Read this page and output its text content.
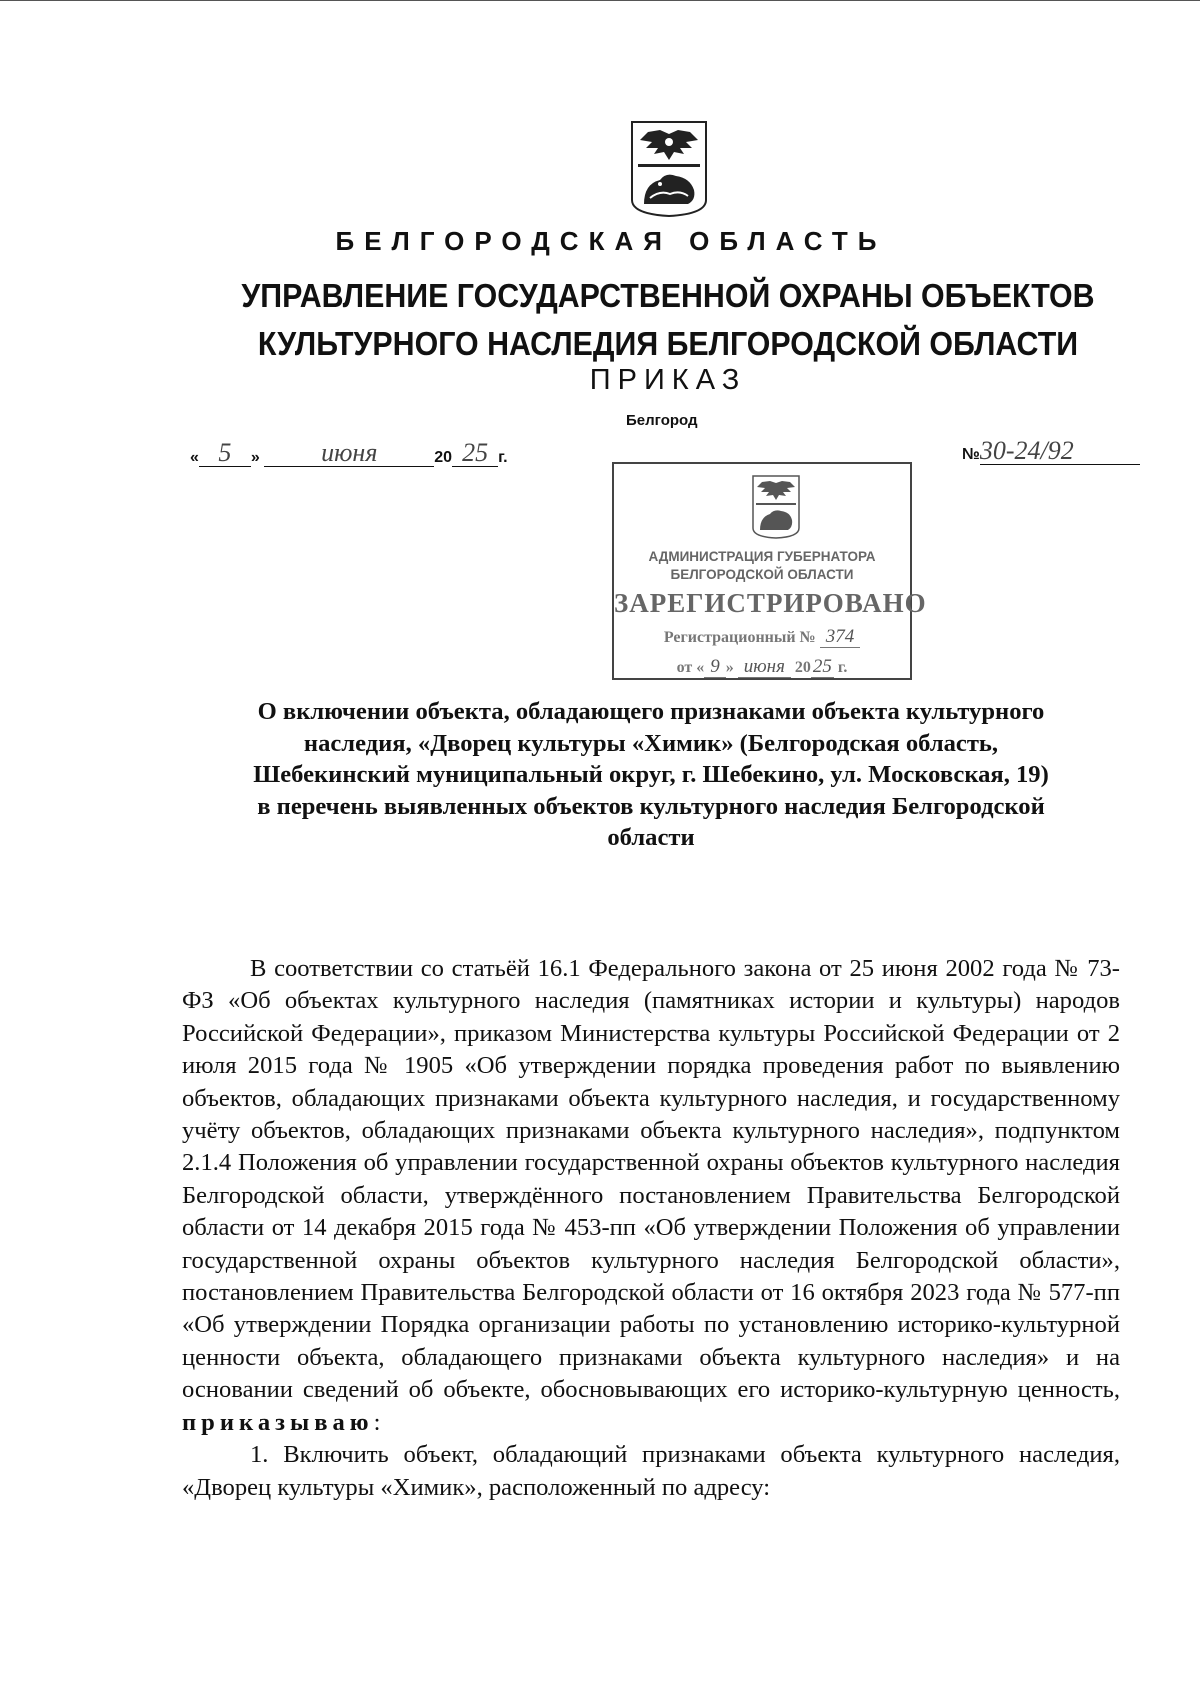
БЕЛГОРОДСКАЯ ОБЛАСТЬ
УПРАВЛЕНИЕ ГОСУДАРСТВЕННОЙ ОХРАНЫ ОБЪЕКТОВ
КУЛЬТУРНОГО НАСЛЕДИЯ БЕЛГОРОДСКОЙ ОБЛАСТИ
ПРИКАЗ
Белгород
« 5 » июня	20 25 г.	№30-24/92
АДМИНИСТРАЦИЯ ГУБЕРНАТОРА
БЕЛГОРОДСКОЙ ОБЛАСТИ
ЗАРЕГИСТРИРОВАНО
Регистрационный № 374
от « 9 » июня 20 25 г.
О включении объекта, обладающего признаками объекта культурного
наследия, «Дворец культуры «Химик» (Белгородская область,
Шебекинский муниципальный округ, г. Шебекино, ул. Московская, 19)
в перечень выявленных объектов культурного наследия Белгородской
области

В соответствии со статьёй 16.1 Федерального закона от 25 июня 2002 года № 73-ФЗ «Об объектах культурного наследия (памятниках истории и культуры) народов Российской Федерации», приказом Министерства культуры Российской Федерации от 2 июля 2015 года № 1905 «Об утверждении порядка проведения работ по выявлению объектов, обладающих признаками объекта культурного наследия, и государственному учёту объектов, обладающих признаками объекта культурного наследия», подпунктом 2.1.4 Положения об управлении государственной охраны объектов культурного наследия Белгородской области, утверждённого постановлением Правительства Белгородской области от 14 декабря 2015 года № 453-пп «Об утверждении Положения об управлении государственной охраны объектов культурного наследия Белгородской области», постановлением Правительства Белгородской области от 16 октября 2023 года № 577-пп «Об утверждении Порядка организации работы по установлению историко-культурной ценности объекта, обладающего признаками объекта культурного наследия» и на основании сведений об объекте, обосновывающих его историко-культурную ценность, приказываю:

1. Включить объект, обладающий признаками объекта культурного наследия, «Дворец культуры «Химик», расположенный по адресу:
